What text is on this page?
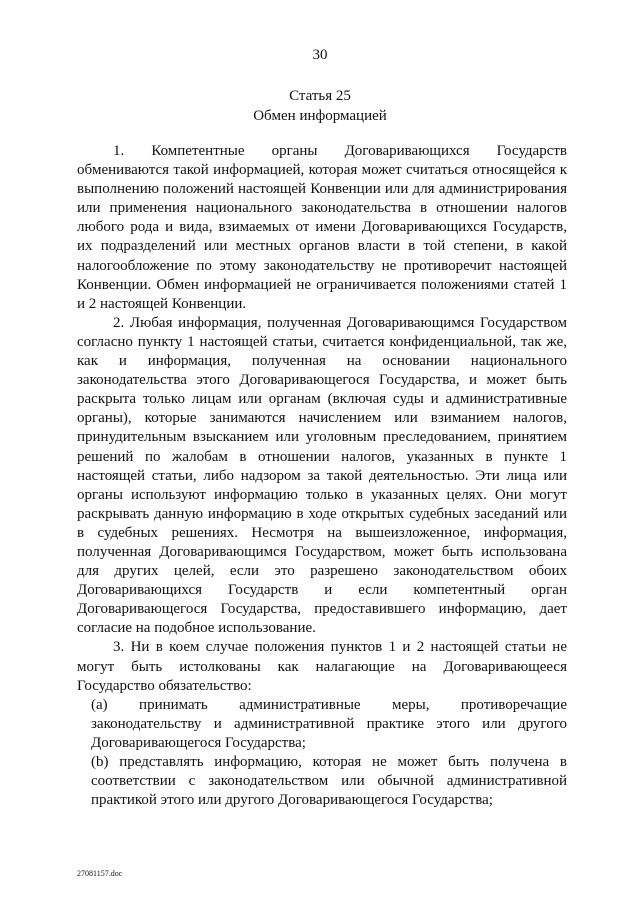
30
Статья 25
Обмен информацией

1. Компетентные органы Договаривающихся Государств обмениваются такой информацией, которая может считаться относящейся к выполнению положений настоящей Конвенции или для администрирования или применения национального законодательства в отношении налогов любого рода и вида, взимаемых от имени Договаривающихся Государств, их подразделений или местных органов власти в той степени, в какой налогообложение по этому законодательству не противоречит настоящей Конвенции. Обмен информацией не ограничивается положениями статей 1 и 2 настоящей Конвенции.

2. Любая информация, полученная Договаривающимся Государством согласно пункту 1 настоящей статьи, считается конфиденциальной, так же, как и информация, полученная на основании национального законодательства этого Договаривающегося Государства, и может быть раскрыта только лицам или органам (включая суды и административные органы), которые занимаются начислением или взиманием налогов, принудительным взысканием или уголовным преследованием, принятием решений по жалобам в отношении налогов, указанных в пункте 1 настоящей статьи, либо надзором за такой деятельностью. Эти лица или органы используют информацию только в указанных целях. Они могут раскрывать данную информацию в ходе открытых судебных заседаний или в судебных решениях. Несмотря на вышеизложенное, информация, полученная Договаривающимся Государством, может быть использована для других целей, если это разрешено законодательством обоих Договаривающихся Государств и если компетентный орган Договаривающегося Государства, предоставившего информацию, дает согласие на подобное использование.

3. Ни в коем случае положения пунктов 1 и 2 настоящей статьи не могут быть истолкованы как налагающие на Договаривающееся Государство обязательство:

(a) принимать административные меры, противоречащие законодательству и административной практике этого или другого Договаривающегося Государства;

(b) представлять информацию, которая не может быть получена в соответствии с законодательством или обычной административной практикой этого или другого Договаривающегося Государства;

27081157.doc
